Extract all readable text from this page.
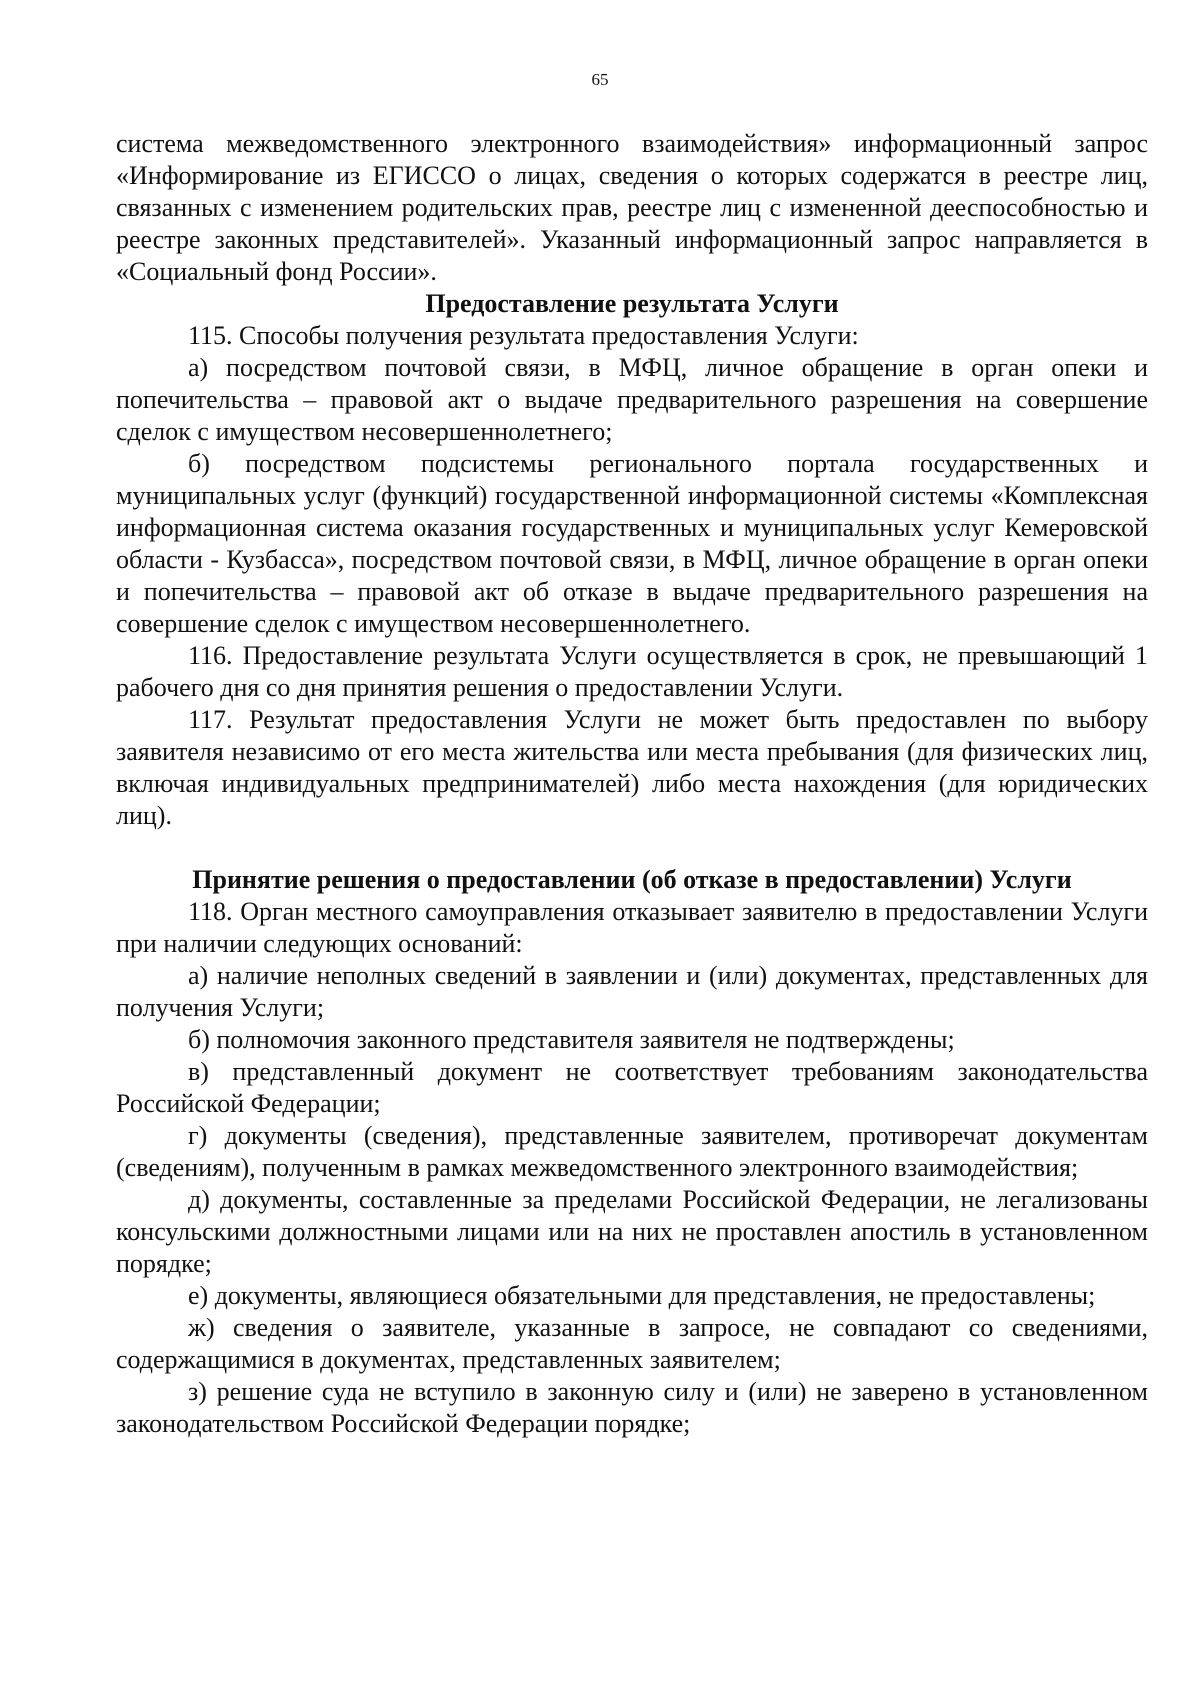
65

система межведомственного электронного взаимодействия» информационный запрос «Информирование из ЕГИССО о лицах, сведения о которых содержатся в реестре лиц, связанных с изменением родительских прав, реестре лиц с измененной дееспособностью и реестре законных представителей». Указанный информационный запрос направляется в «Социальный фонд России».

Предоставление результата Услуги

115. Способы получения результата предоставления Услуги:

а) посредством почтовой связи, в МФЦ, личное обращение в орган опеки и попечительства – правовой акт о выдаче предварительного разрешения на совершение сделок с имуществом несовершеннолетнего;

б) посредством подсистемы регионального портала государственных и муниципальных услуг (функций) государственной информационной системы «Комплексная информационная система оказания государственных и муниципальных услуг Кемеровской области - Кузбасса», посредством почтовой связи, в МФЦ, личное обращение в орган опеки и попечительства – правовой акт об отказе в выдаче предварительного разрешения на совершение сделок с имуществом несовершеннолетнего.

116. Предоставление результата Услуги осуществляется в срок, не превышающий 1 рабочего дня со дня принятия решения о предоставлении Услуги.

117. Результат предоставления Услуги не может быть предоставлен по выбору заявителя независимо от его места жительства или места пребывания (для физических лиц, включая индивидуальных предпринимателей) либо места нахождения (для юридических лиц).

Принятие решения о предоставлении (об отказе в предоставлении) Услуги

118. Орган местного самоуправления отказывает заявителю в предоставлении Услуги при наличии следующих оснований:

а) наличие неполных сведений в заявлении и (или) документах, представленных для получения Услуги;

б) полномочия законного представителя заявителя не подтверждены;

в) представленный документ не соответствует требованиям законодательства Российской Федерации;

г) документы (сведения), представленные заявителем, противоречат документам (сведениям), полученным в рамках межведомственного электронного взаимодействия;

д) документы, составленные за пределами Российской Федерации, не легализованы консульскими должностными лицами или на них не проставлен апостиль в установленном порядке;

е) документы, являющиеся обязательными для представления, не предоставлены;

ж) сведения о заявителе, указанные в запросе, не совпадают со сведениями, содержащимися в документах, представленных заявителем;

з) решение суда не вступило в законную силу и (или) не заверено в установленном законодательством Российской Федерации порядке;
